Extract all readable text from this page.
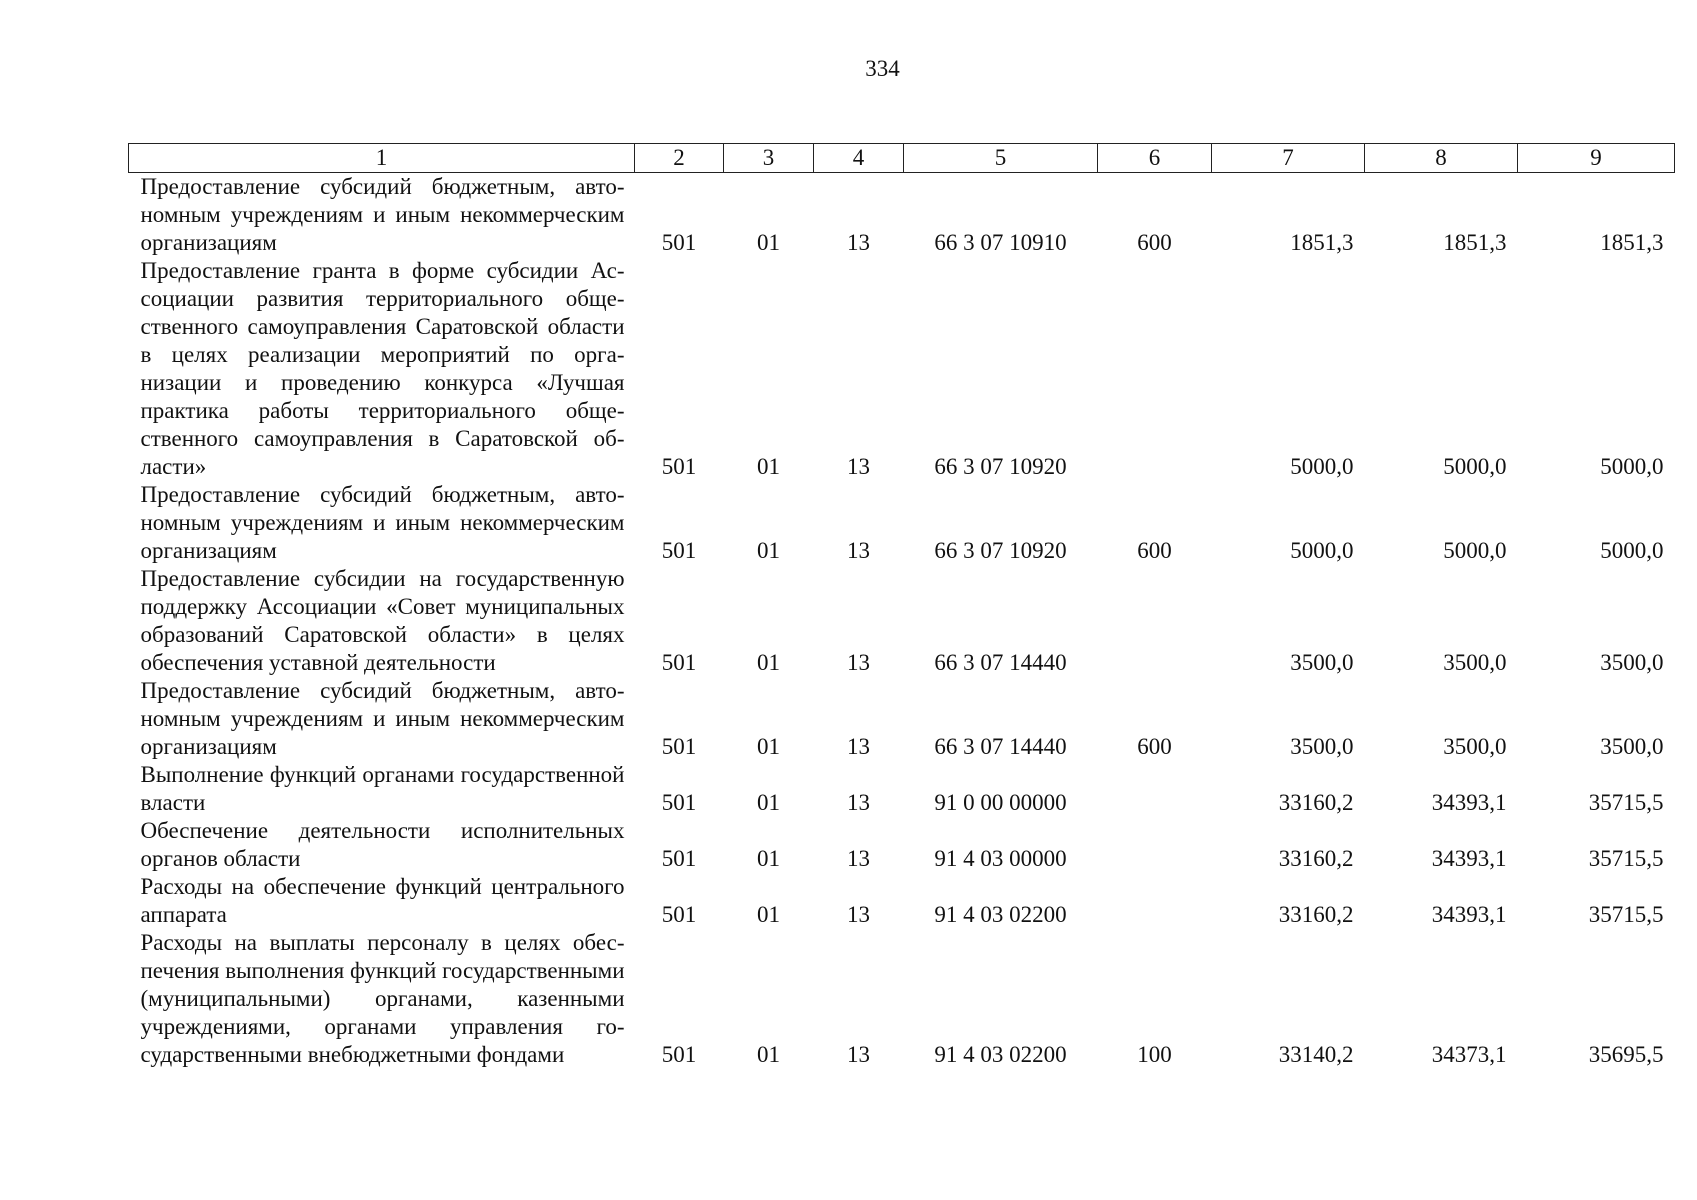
334
1	2	3	4	5	6	7	8	9
Предоставление субсидий бюджетным, автономным учреждениям и иным некоммерческим организациям	501	01	13	66 3 07 10910	600	1851,3	1851,3	1851,3
Предоставление гранта в форме субсидии Ассоциации развития территориального общественного самоуправления Саратовской области в целях реализации мероприятий по организации и проведению конкурса «Лучшая практика работы территориального общественного самоуправления в Саратовской области»	501	01	13	66 3 07 10920		5000,0	5000,0	5000,0
Предоставление субсидий бюджетным, автономным учреждениям и иным некоммерческим организациям	501	01	13	66 3 07 10920	600	5000,0	5000,0	5000,0
Предоставление субсидии на государственную поддержку Ассоциации «Совет муниципальных образований Саратовской области» в целях обеспечения уставной деятельности	501	01	13	66 3 07 14440		3500,0	3500,0	3500,0
Предоставление субсидий бюджетным, автономным учреждениям и иным некоммерческим организациям	501	01	13	66 3 07 14440	600	3500,0	3500,0	3500,0
Выполнение функций органами государственной власти	501	01	13	91 0 00 00000		33160,2	34393,1	35715,5
Обеспечение деятельности исполнительных органов области	501	01	13	91 4 03 00000		33160,2	34393,1	35715,5
Расходы на обеспечение функций центрального аппарата	501	01	13	91 4 03 02200		33160,2	34393,1	35715,5
Расходы на выплаты персоналу в целях обеспечения выполнения функций государственными (муниципальными) органами, казенными учреждениями, органами управления государственными внебюджетными фондами	501	01	13	91 4 03 02200	100	33140,2	34373,1	35695,5
